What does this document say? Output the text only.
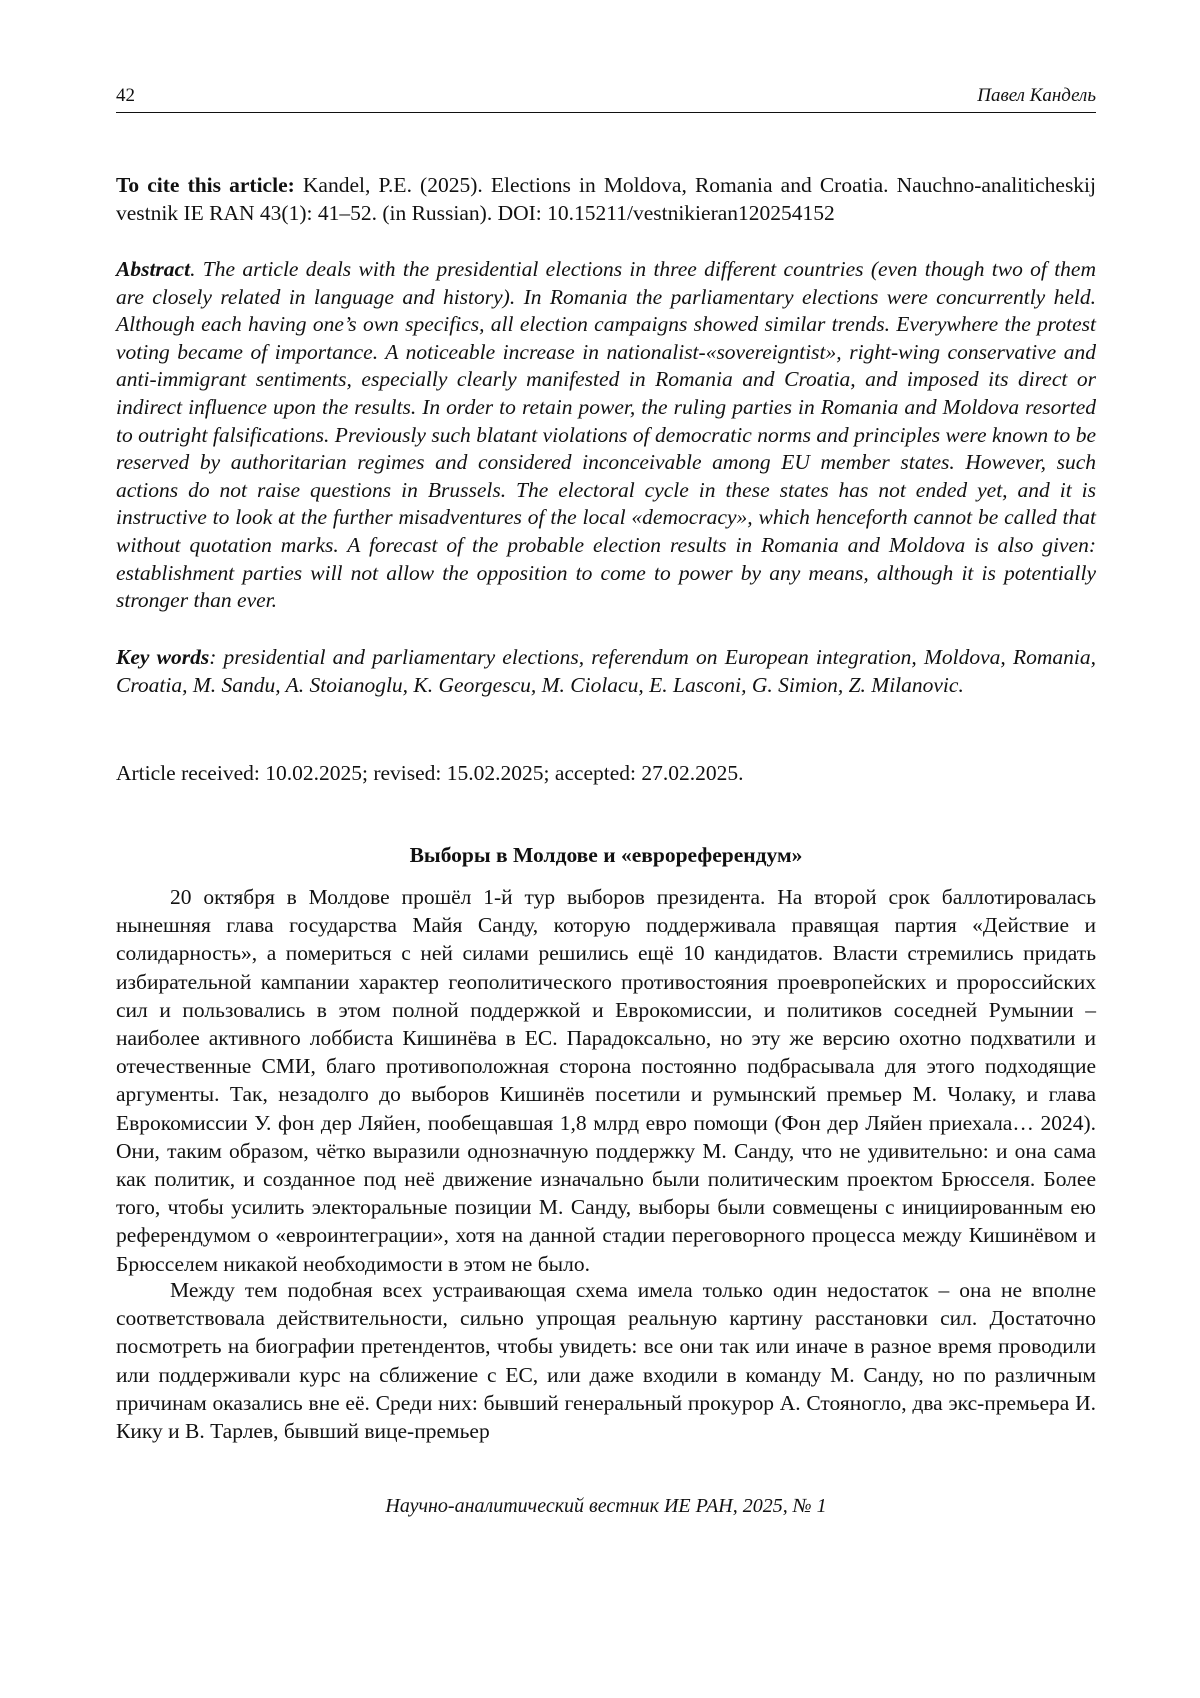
42	Павел Кандель
To cite this article: Kandel, P.E. (2025). Elections in Moldova, Romania and Croatia. Nauchno-analiticheskij vestnik IE RAN 43(1): 41–52. (in Russian). DOI: 10.15211/vestnikieran120254152
Abstract. The article deals with the presidential elections in three different countries (even though two of them are closely related in language and history). In Romania the parliamentary elections were concurrently held. Although each having one’s own specifics, all election campaigns showed similar trends. Everywhere the protest voting became of importance. A noticeable increase in nationalist-«sovereigntist», right-wing conservative and anti-immigrant sentiments, especially clearly manifested in Romania and Croatia, and imposed its direct or indirect influence upon the results. In order to retain power, the ruling parties in Romania and Moldova resorted to outright falsifications. Previously such blatant violations of democratic norms and principles were known to be reserved by authoritarian regimes and considered inconceivable among EU member states. However, such actions do not raise questions in Brussels. The electoral cycle in these states has not ended yet, and it is instructive to look at the further misadventures of the local «democracy», which henceforth cannot be called that without quotation marks. A forecast of the probable election results in Romania and Moldova is also given: establishment parties will not allow the opposition to come to power by any means, although it is potentially stronger than ever.
Key words: presidential and parliamentary elections, referendum on European integration, Moldova, Romania, Croatia, M. Sandu, A. Stoianoglu, K. Georgescu, M. Ciolacu, E. Lasconi, G. Simion, Z. Milanovic.
Article received: 10.02.2025; revised: 15.02.2025; accepted: 27.02.2025.
Выборы в Молдове и «еврореферендум»

20 октября в Молдове прошёл 1-й тур выборов президента. На второй срок баллотировалась нынешняя глава государства Майя Санду, которую поддерживала правящая партия «Действие и солидарность», а помериться с ней силами решились ещё 10 кандидатов. Власти стремились придать избирательной кампании характер геополитического противостояния проевропейских и пророссийских сил и пользовались в этом полной поддержкой и Еврокомиссии, и политиков соседней Румынии – наиболее активного лоббиста Кишинёва в ЕС. Парадоксально, но эту же версию охотно подхватили и отечественные СМИ, благо противоположная сторона постоянно подбрасывала для этого подходящие аргументы. Так, незадолго до выборов Кишинёв посетили и румынский премьер М. Чолаку, и глава Еврокомиссии У. фон дер Ляйен, пообещавшая 1,8 млрд евро помощи (Фон дер Ляйен приехала… 2024). Они, таким образом, чётко выразили однозначную поддержку М. Санду, что не удивительно: и она сама как политик, и созданное под неё движение изначально были политическим проектом Брюсселя. Более того, чтобы усилить электоральные позиции М. Санду, выборы были совмещены с инициированным ею референдумом о «евроинтеграции», хотя на данной стадии переговорного процесса между Кишинёвом и Брюсселем никакой необходимости в этом не было.

Между тем подобная всех устраивающая схема имела только один недостаток – она не вполне соответствовала действительности, сильно упрощая реальную картину расстановки сил. Достаточно посмотреть на биографии претендентов, чтобы увидеть: все они так или иначе в разное время проводили или поддерживали курс на сближение с ЕС, или даже входили в команду М. Санду, но по различным причинам оказались вне её. Среди них: бывший генеральный прокурор А. Стояногло, два экс-премьера И. Кику и В. Тарлев, бывший вице-премьер

Научно-аналитический вестник ИЕ РАН, 2025, № 1
